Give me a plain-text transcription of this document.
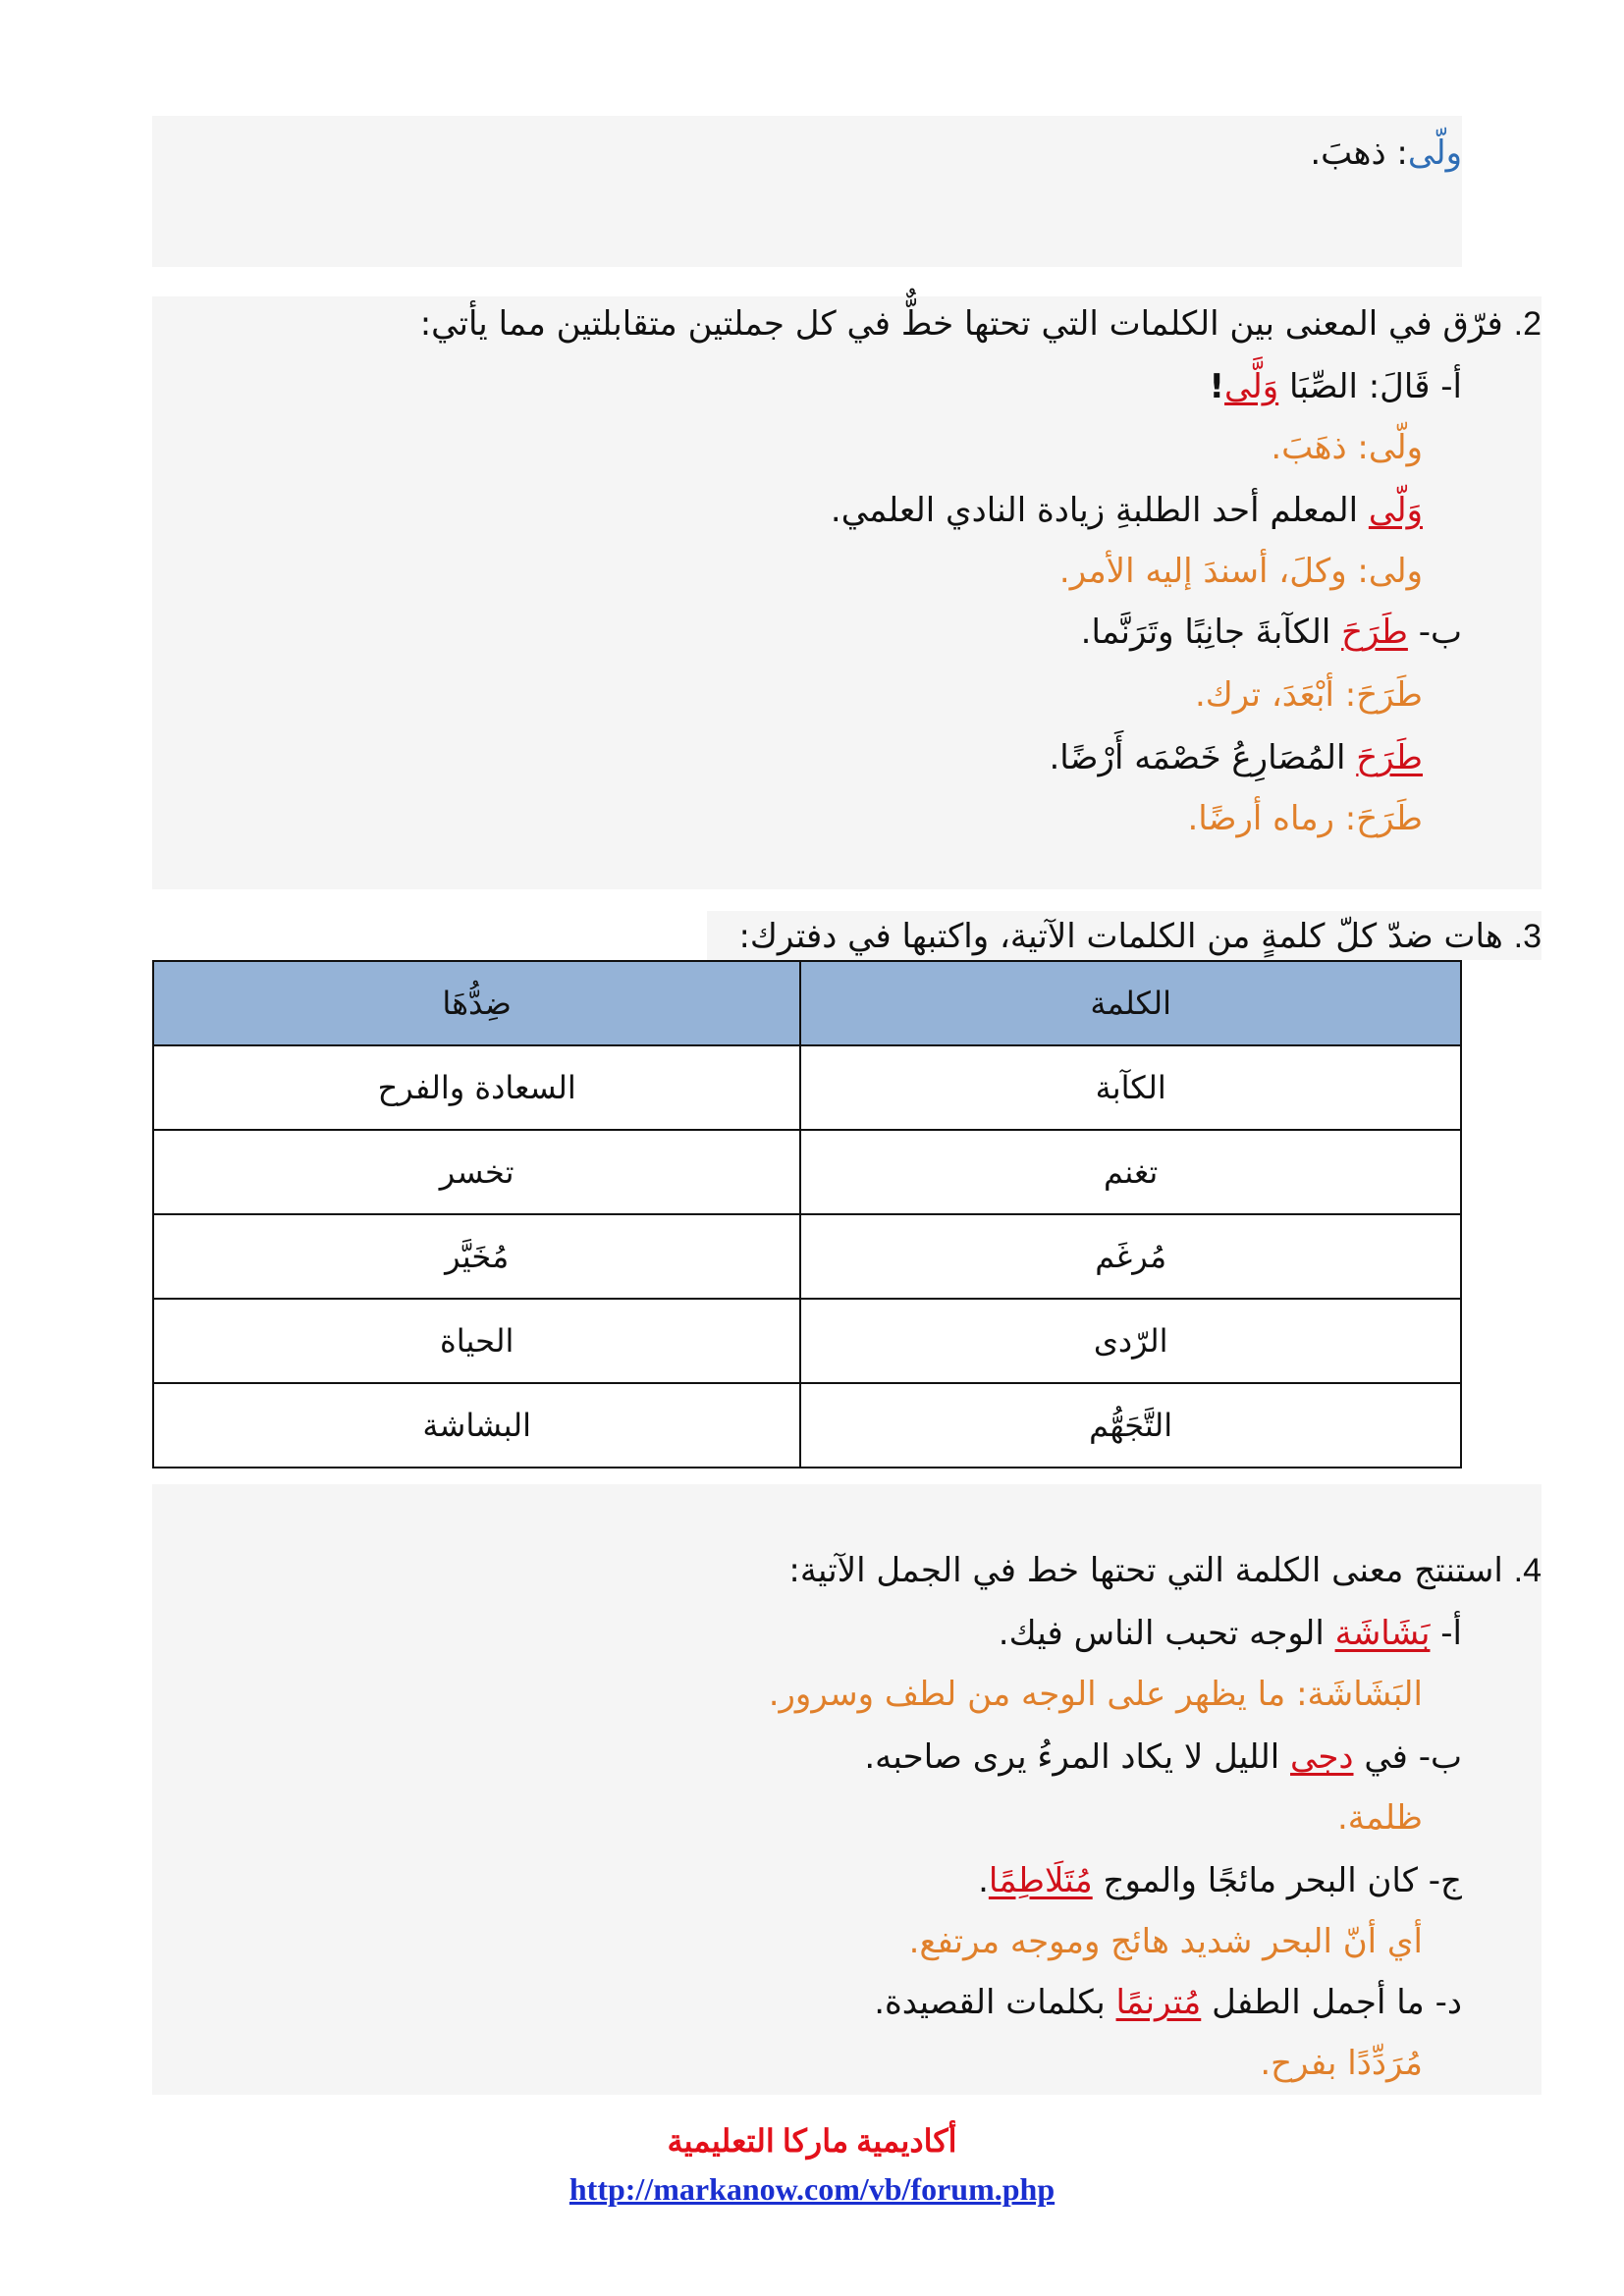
ولّى: ذهبَ.
2. فرّق في المعنى بين الكلمات التي تحتها خطٌّ في كل جملتين متقابلتين مما يأتي:
أ- قَالَ: الصِّبَا وَلَّى!
ولّى: ذهَبَ.
وَلّى المعلم أحد الطلبةِ زيادة النادي العلمي.
ولى: وكلَ، أسندَ إليه الأمر.
ب- طَرَحَ الكآبةَ جانِبًا وتَرَنَّما.
طَرَحَ: أبْعَدَ، ترك.
طَرَحَ المُصَارِعُ خَصْمَه أَرْضًا.
طَرَحَ: رماه أرضًا.
3. هات ضدّ كلّ كلمةٍ من الكلمات الآتية، واكتبها في دفترك:
الكلمة	ضِدُّهَا
الكآبة	السعادة والفرح
تغنم	تخسر
مُرغَم	مُخَيَّر
الرّدى	الحياة
التَّجَهُّم	البشاشة
4. استنتج معنى الكلمة التي تحتها خط في الجمل الآتية:
أ- بَشَاشَة الوجه تحبب الناس فيك.
البَشَاشَة: ما يظهر على الوجه من لطف وسرور.
ب- في دجى الليل لا يكاد المرءُ يرى صاحبه.
ظلمة.
ج- كان البحر مائجًا والموج مُتَلَاطِمًا.
أي أنّ البحر شديد هائج وموجه مرتفع.
د- ما أجمل الطفل مُترنمًا بكلمات القصيدة.
مُرَدِّدًا بفرح.
أكاديمية ماركا التعليمية
http://markanow.com/vb/forum.php
